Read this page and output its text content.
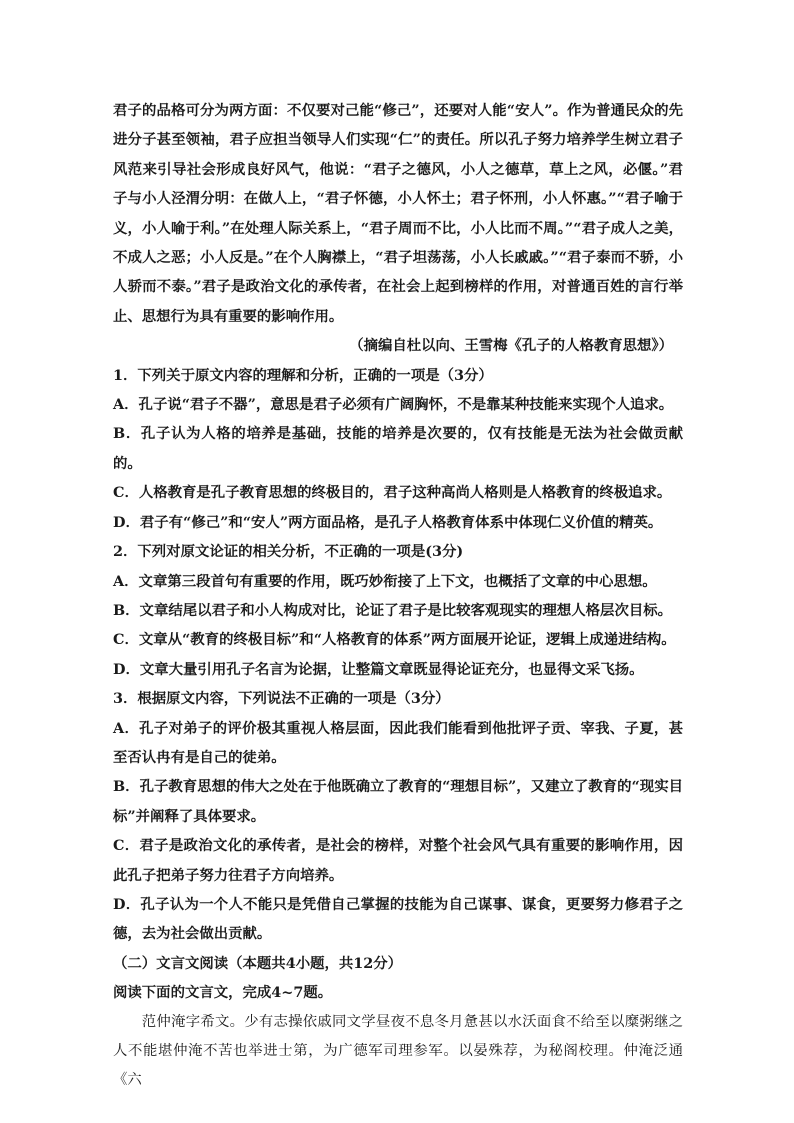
君子的品格可分为两方面：不仅要对己能“修己”，还要对人能“安人”。作为普通民众的先进分子甚至领袖，君子应担当领导人们实现“仁”的责任。所以孔子努力培养学生树立君子风范来引导社会形成良好风气，他说：“君子之德风，小人之德草，草上之风，必偃。”君子与小人泾渭分明：在做人上，“君子怀德，小人怀土；君子怀刑，小人怀惠。”“君子喻于义，小人喻于利。”在处理人际关系上，“君子周而不比，小人比而不周。”“君子成人之美，不成人之恶；小人反是。”在个人胸襟上，“君子坦荡荡，小人长戚戚。”“君子泰而不骄，小人骄而不泰。”君子是政治文化的承传者，在社会上起到榜样的作用，对普通百姓的言行举止、思想行为具有重要的影响作用。

（摘编自杜以向、王雪梅《孔子的人格教育思想》）

1．下列关于原文内容的理解和分析，正确的一项是（3分）

A．孔子说“君子不器”，意思是君子必须有广阔胸怀，不是靠某种技能来实现个人追求。

B．孔子认为人格的培养是基础，技能的培养是次要的，仅有技能是无法为社会做贡献的。

C．人格教育是孔子教育思想的终极目的，君子这种高尚人格则是人格教育的终极追求。

D．君子有“修己”和“安人”两方面品格，是孔子人格教育体系中体现仁义价值的精英。

2．下列对原文论证的相关分析，不正确的一项是(3分)

A．文章第三段首句有重要的作用，既巧妙衔接了上下文，也概括了文章的中心思想。

B．文章结尾以君子和小人构成对比，论证了君子是比较客观现实的理想人格层次目标。

C．文章从“教育的终极目标”和“人格教育的体系”两方面展开论证，逻辑上成递进结构。

D．文章大量引用孔子名言为论据，让整篇文章既显得论证充分，也显得文采飞扬。

3．根据原文内容，下列说法不正确的一项是（3分）

A．孔子对弟子的评价极其重视人格层面，因此我们能看到他批评子贡、宰我、子夏，甚至否认冉有是自己的徒弟。

B．孔子教育思想的伟大之处在于他既确立了教育的“理想目标”，又建立了教育的“现实目标”并阐释了具体要求。

C．君子是政治文化的承传者，是社会的榜样，对整个社会风气具有重要的影响作用，因此孔子把弟子努力往君子方向培养。

D．孔子认为一个人不能只是凭借自己掌握的技能为自己谋事、谋食，更要努力修君子之德，去为社会做出贡献。

（二）文言文阅读（本题共4小题，共12分）

阅读下面的文言文，完成4~7题。

范仲淹字希文。少有志操依戚同文学昼夜不息冬月惫甚以水沃面食不给至以糜粥继之人不能堪仲淹不苦也举进士第，为广德军司理参军。以晏殊荐，为秘阁校理。仲淹泛通《六
